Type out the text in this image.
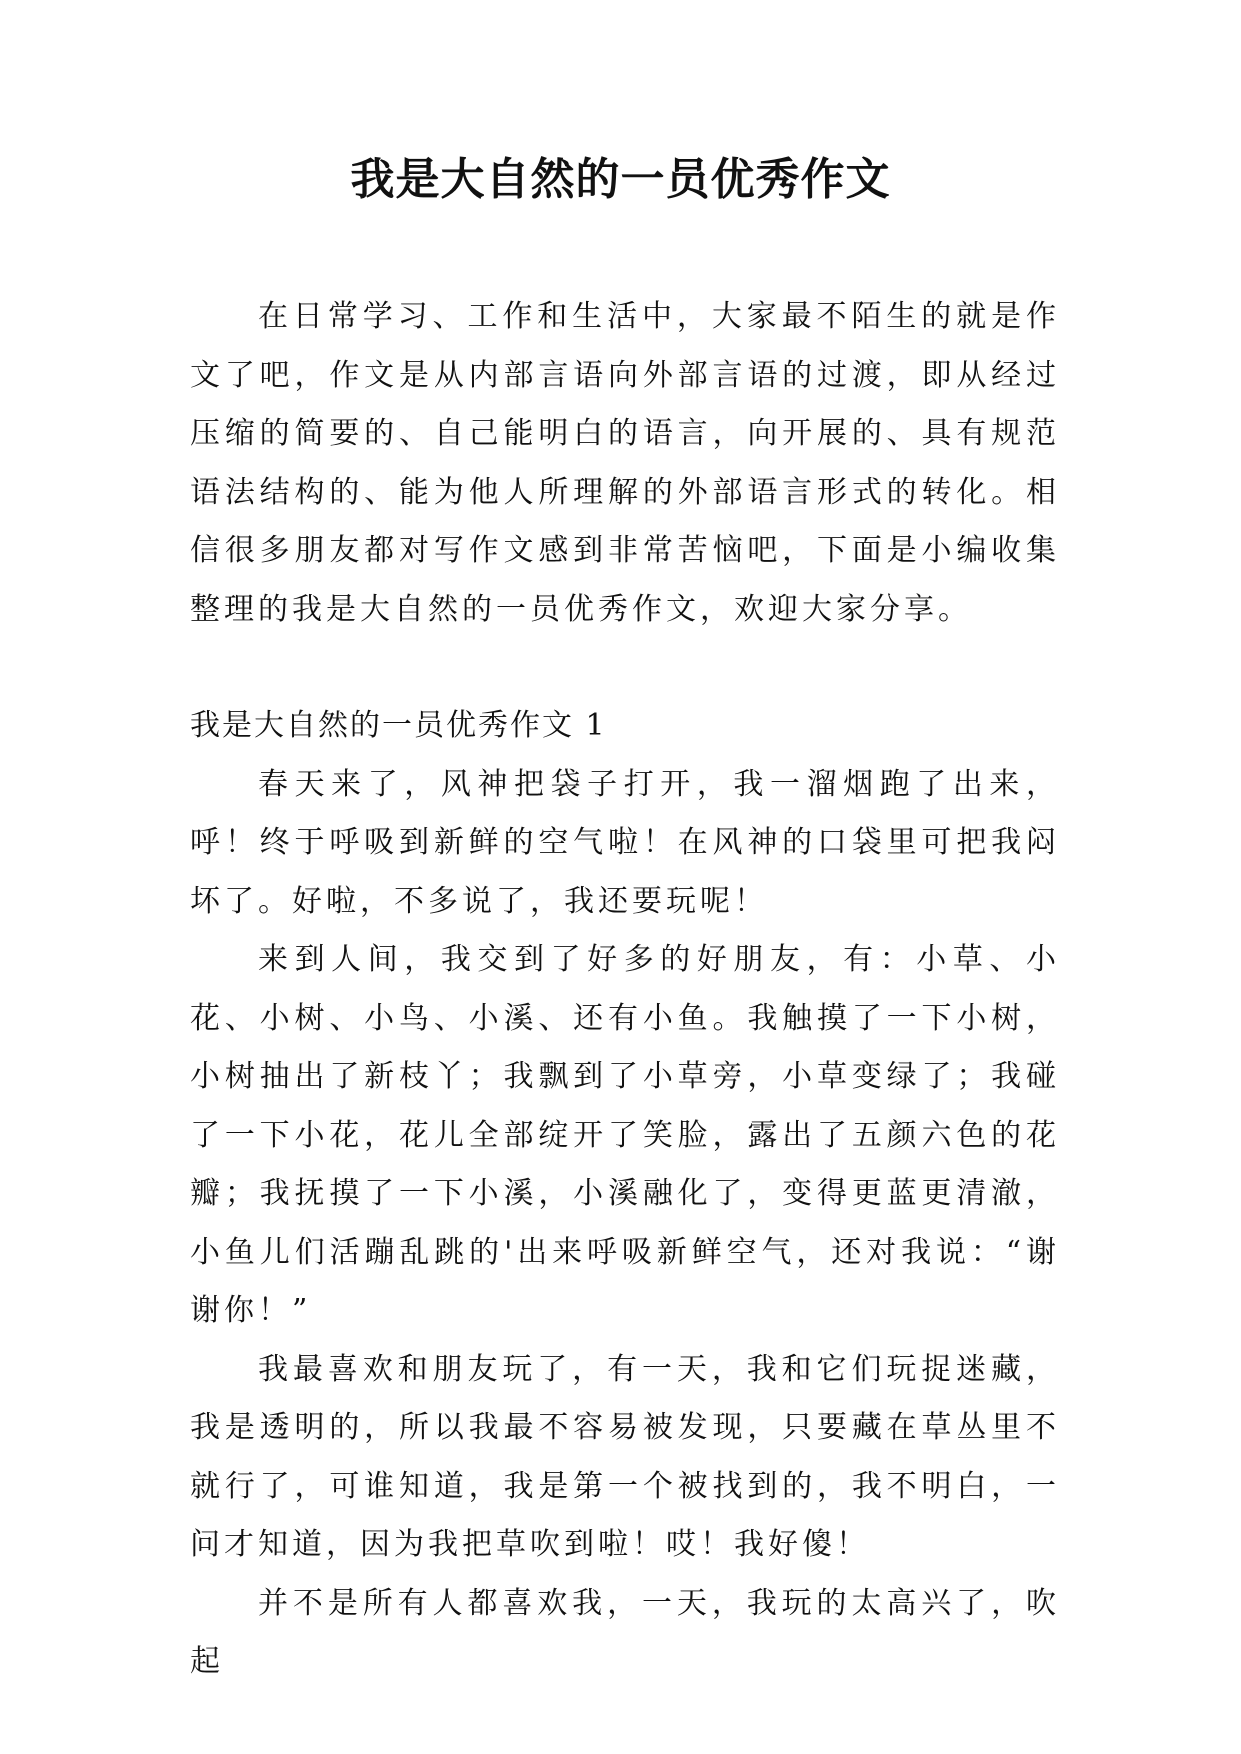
我是大自然的一员优秀作文

在日常学习、工作和生活中，大家最不陌生的就是作文了吧，作文是从内部言语向外部言语的过渡，即从经过压缩的简要的、自己能明白的语言，向开展的、具有规范语法结构的、能为他人所理解的外部语言形式的转化。相信很多朋友都对写作文感到非常苦恼吧，下面是小编收集整理的我是大自然的一员优秀作文，欢迎大家分享。

我是大自然的一员优秀作文 1

春天来了，风神把袋子打开，我一溜烟跑了出来，呼！终于呼吸到新鲜的空气啦！在风神的口袋里可把我闷坏了。好啦，不多说了，我还要玩呢！

来到人间，我交到了好多的好朋友，有：小草、小花、小树、小鸟、小溪、还有小鱼。我触摸了一下小树，小树抽出了新枝丫；我飘到了小草旁，小草变绿了；我碰了一下小花，花儿全部绽开了笑脸，露出了五颜六色的花瓣；我抚摸了一下小溪，小溪融化了，变得更蓝更清澈，小鱼儿们活蹦乱跳的'出来呼吸新鲜空气，还对我说：“谢谢你！”

我最喜欢和朋友玩了，有一天，我和它们玩捉迷藏，我是透明的，所以我最不容易被发现，只要藏在草丛里不就行了，可谁知道，我是第一个被找到的，我不明白，一问才知道，因为我把草吹到啦！哎！我好傻！

并不是所有人都喜欢我，一天，我玩的太高兴了，吹起
